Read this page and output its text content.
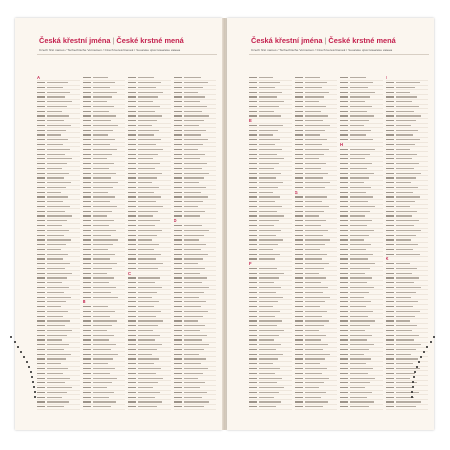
A
B
C
D
E
F
G
H
I
K
Česká křestní jména | České krstné mená
Czech first names / Tschechische Vornamen / Czech keresztnevek / Чешские христианские имена
Česká křestní jména | České krstné mená
Czech first names / Tschechische Vornamen / Czech keresztnevek / Чешские христианские имена
